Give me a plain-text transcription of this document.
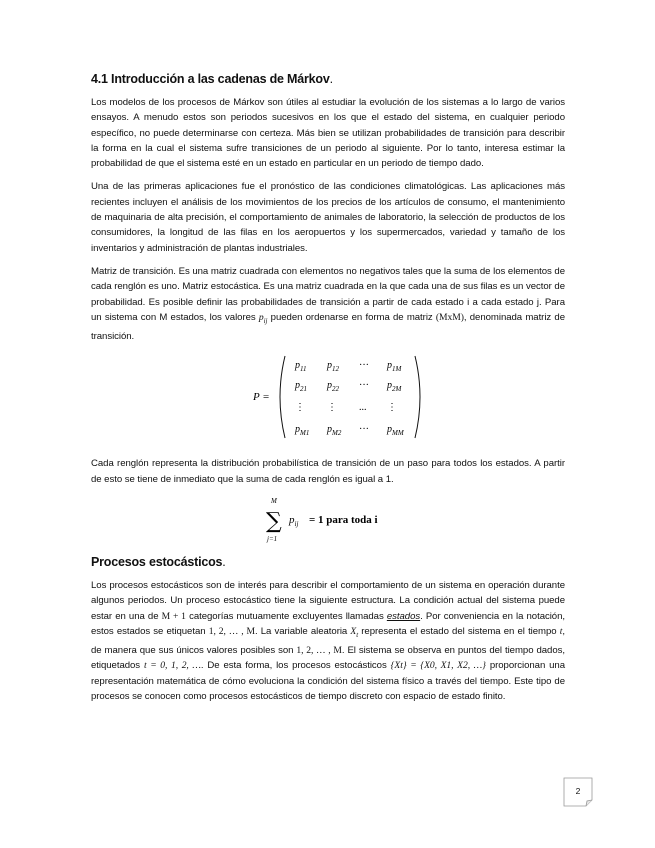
4.1 Introducción a las cadenas de Márkov.

Los modelos de los procesos de Márkov son útiles al estudiar la evolución de los sistemas a lo largo de varios ensayos. A menudo estos son periodos sucesivos en los que el estado del sistema, en cualquier periodo específico, no puede determinarse con certeza. Más bien se utilizan probabilidades de transición para describir la forma en la cual el sistema sufre transiciones de un periodo al siguiente. Por lo tanto, interesa estimar la probabilidad de que el sistema esté en un estado en particular en un periodo de tiempo dado.

Una de las primeras aplicaciones fue el pronóstico de las condiciones climatológicas. Las aplicaciones más recientes incluyen el análisis de los movimientos de los precios de los artículos de consumo, el mantenimiento de maquinaria de alta precisión, el comportamiento de animales de laboratorio, la selección de productos de los consumidores, la longitud de las filas en los aeropuertos y los supermercados, variedad y tamaño de los inventarios y administración de plantas industriales.

Matriz de transición. Es una matriz cuadrada con elementos no negativos tales que la suma de los elementos de cada renglón es uno. Matriz estocástica. Es una matriz cuadrada en la que cada una de sus filas es un vector de probabilidad. Es posible definir las probabilidades de transición a partir de cada estado i a cada estado j. Para un sistema con M estados, los valores $p_{ij}$ pueden ordenarse en forma de matriz (MxM), denominada matriz de transición.

P =
$p_{11}$ $p_{12}$ ··· $p_{1M}$
$p_{21}$ $p_{22}$ ··· $p_{2M}$
⋮ ⋮ ... ⋮
$p_{M1}$ $p_{M2}$ ··· $p_{MM}$

Cada renglón representa la distribución probabilística de transición de un paso para todos los estados. A partir de esto se tiene de inmediato que la suma de cada renglón es igual a 1.

M
∑
j=1
$p_{ij} = 1$ para toda i
Procesos estocásticos.

Los procesos estocásticos son de interés para describir el comportamiento de un sistema en operación durante algunos periodos. Un proceso estocástico tiene la siguiente estructura. La condición actual del sistema puede estar en una de M + 1 categorías mutuamente excluyentes llamadas estados. Por conveniencia en la notación, estos estados se etiquetan 1, 2, … , M. La variable aleatoria $X_t$ representa el estado del sistema en el tiempo t, de manera que sus únicos valores posibles son 1, 2, … , M. El sistema se observa en puntos del tiempo dados, etiquetados t = 0, 1, 2, …. De esta forma, los procesos estocásticos {Xt} = {X0, X1, X2, …} proporcionan una representación matemática de cómo evoluciona la condición del sistema físico a través del tiempo. Este tipo de procesos se conocen como procesos estocásticos de tiempo discreto con espacio de estado finito.

2
